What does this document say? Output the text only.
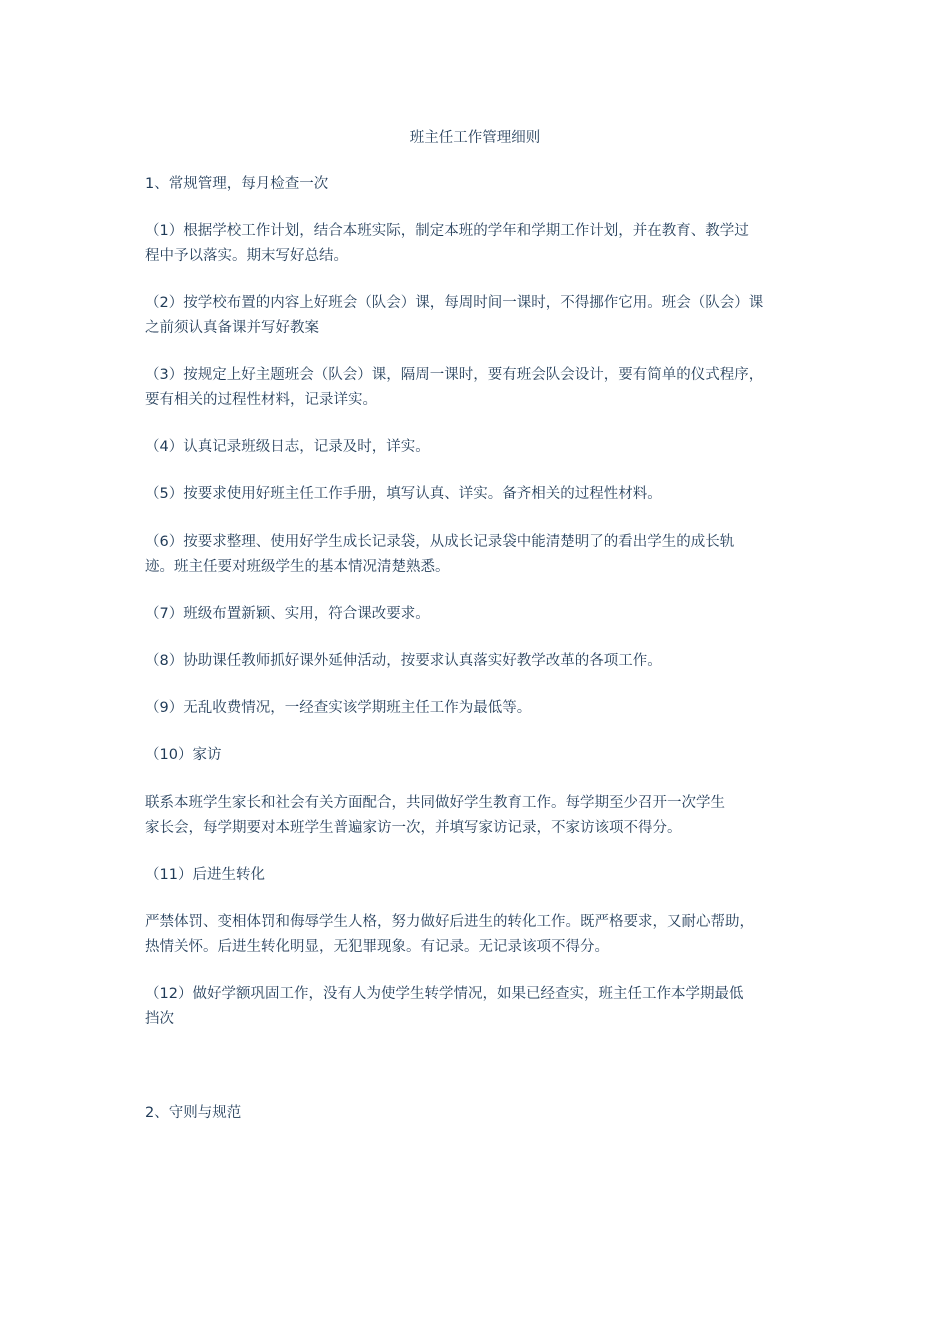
班主任工作管理细则
1、常规管理，每月检查一次
（1）根据学校工作计划，结合本班实际，制定本班的学年和学期工作计划，并在教育、教学过
程中予以落实。期末写好总结。
（2）按学校布置的内容上好班会（队会）课，每周时间一课时，不得挪作它用。班会（队会）课
之前须认真备课并写好教案
（3）按规定上好主题班会（队会）课，隔周一课时，要有班会队会设计，要有简单的仪式程序，
要有相关的过程性材料，记录详实。
（4）认真记录班级日志，记录及时，详实。
（5）按要求使用好班主任工作手册，填写认真、详实。备齐相关的过程性材料。
（6）按要求整理、使用好学生成长记录袋，从成长记录袋中能清楚明了的看出学生的成长轨
迹。班主任要对班级学生的基本情况清楚熟悉。
（7）班级布置新颖、实用，符合课改要求。
（8）协助课任教师抓好课外延伸活动，按要求认真落实好教学改革的各项工作。
（9）无乱收费情况，一经查实该学期班主任工作为最低等。
（10）家访
联系本班学生家长和社会有关方面配合，共同做好学生教育工作。每学期至少召开一次学生
家长会，每学期要对本班学生普遍家访一次，并填写家访记录，不家访该项不得分。
（11）后进生转化
严禁体罚、变相体罚和侮辱学生人格，努力做好后进生的转化工作。既严格要求，又耐心帮助，
热情关怀。后进生转化明显，无犯罪现象。有记录。无记录该项不得分。
（12）做好学额巩固工作，没有人为使学生转学情况，如果已经查实，班主任工作本学期最低
挡次
2、守则与规范
